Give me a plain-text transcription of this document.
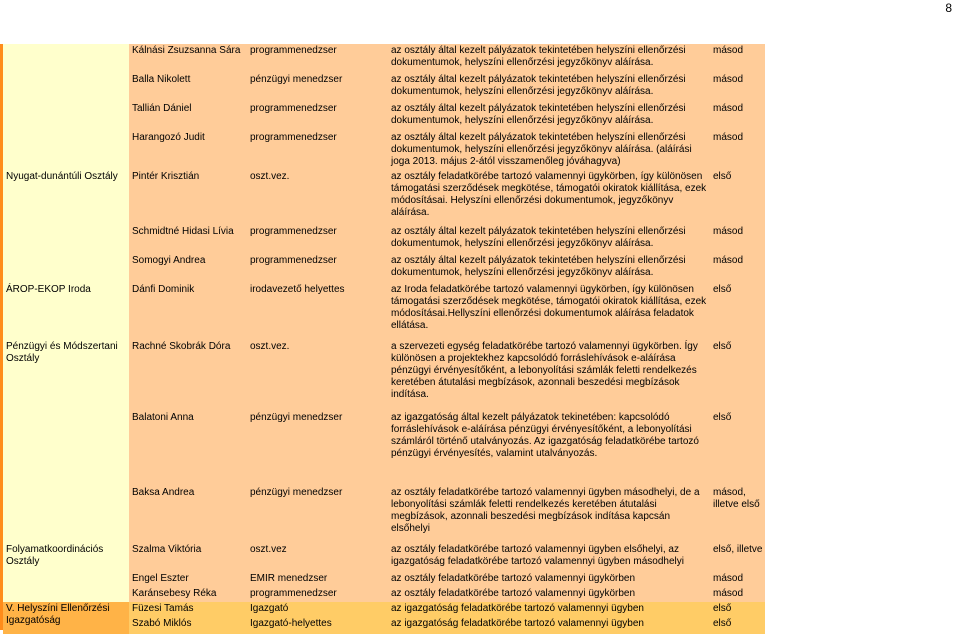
8
	Kálnási Zsuzsanna Sára	programmenedzser	az osztály által kezelt pályázatok tekintetében helyszíni ellenőrzési dokumentumok, helyszíni ellenőrzési jegyzőkönyv aláírása.	másod	
	Balla Nikolett	pénzügyi menedzser	az osztály által kezelt pályázatok tekintetében helyszíni ellenőrzési dokumentumok, helyszíni ellenőrzési jegyzőkönyv aláírása.	másod	
	Tallián Dániel	programmenedzser	az osztály által kezelt pályázatok tekintetében helyszíni ellenőrzési dokumentumok, helyszíni ellenőrzési jegyzőkönyv aláírása.	másod	
	Harangozó Judit	programmenedzser	az osztály által kezelt pályázatok tekintetében helyszíni ellenőrzési dokumentumok, helyszíni ellenőrzési jegyzőkönyv aláírása. (aláírási joga 2013. május 2-ától visszamenőleg jóváhagyva)	másod	
Nyugat-dunántúli Osztály	Pintér Krisztián	oszt.vez.	az osztály feladatkörébe tartozó valamennyi ügykörben, így különösen támogatási szerződések megkötése, támogatói okiratok kiállítása, ezek módosításai. Helyszíni ellenőrzési dokumentumok, jegyzőkönyv aláírása.	első	
	Schmidtné Hidasi Lívia	programmenedzser	az osztály által kezelt pályázatok tekintetében helyszíni ellenőrzési dokumentumok, helyszíni ellenőrzési jegyzőkönyv aláírása.	másod	
	Somogyi Andrea	programmenedzser	az osztály által kezelt pályázatok tekintetében helyszíni ellenőrzési dokumentumok, helyszíni ellenőrzési jegyzőkönyv aláírása.	másod	
ÁROP-EKOP Iroda	Dánfi Dominik	irodavezető helyettes	az Iroda feladatkörébe tartozó valamennyi ügykörben, így különösen támogatási szerződések megkötése, támogatói okiratok kiállítása, ezek módosításai.Hellyszíni ellenőrzési dokumentumok aláírása feladatok ellátása.	első	
Pénzügyi és Módszertani Osztály	Rachné Skobrák Dóra	oszt.vez.	a szervezeti egység feladatkörébe tartozó valamennyi ügykörben. Így különösen a projektekhez kapcsolódó forráslehívások e-aláírása pénzügyi érvényesítőként, a lebonyolítási számlák feletti rendelkezés keretében átutalási megbízások, azonnali beszedési megbízások indítása.	első	
	Balatoni Anna	pénzügyi menedzser	az igazgatóság által kezelt pályázatok tekinetében: kapcsolódó forráslehívások e-aláírása pénzügyi érvényesítőként, a lebonyolítási számláról történő utalványozás. Az igazgatóság feladatkörébe tartozó pénzügyi érvényesítés, valamint utalványozás.	első	
	Baksa Andrea	pénzügyi menedzser	az osztály feladatkörébe tartozó valamennyi ügyben másodhelyi, de a lebonyolítási számlák feletti rendelkezés keretében átutalási megbízások, azonnali beszedési megbízások indítása kapcsán elsőhelyi	másod, illetve első	
Folyamatkoordinációs Osztály	Szalma Viktória	oszt.vez	az osztály feladatkörébe tartozó valamennyi ügyben elsőhelyi, az igazgatóság feladatkörébe tartozó valamennyi ügyben másodhelyi	első, illetve	
	Engel Eszter	EMIR menedzser	az osztály feladatkörébe tartozó valamennyi ügykörben	másod	
	Karánsebesy Réka	programmenedzser	az osztály feladatkörébe tartozó valamennyi ügykörben	másod	
V. Helyszíni Ellenőrzési Igazgatóság	Füzesi Tamás	Igazgató	az igazgatóság feladatkörébe tartozó valamennyi ügyben	első	
	Szabó Miklós	Igazgató-helyettes	az igazgatóság feladatkörébe tartozó valamennyi ügyben	első	
